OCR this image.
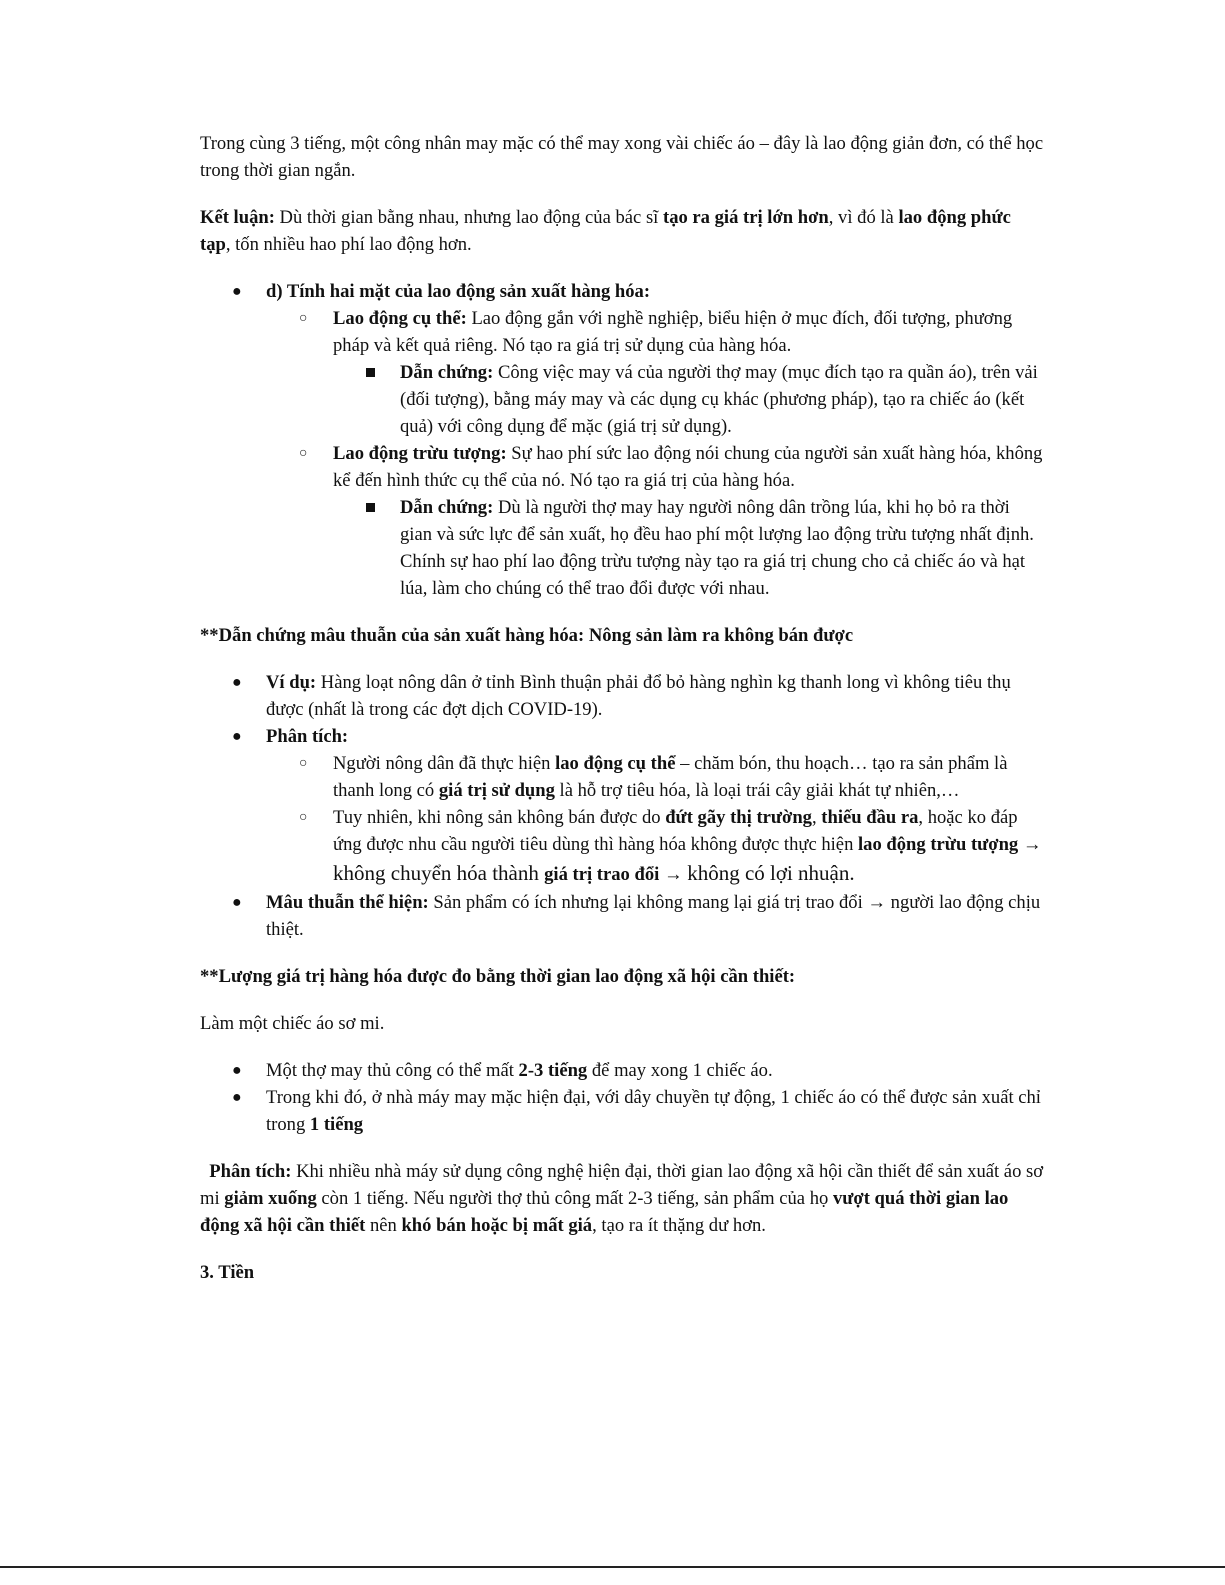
Trong cùng 3 tiếng, một công nhân may mặc có thể may xong vài chiếc áo – đây là lao động giản đơn, có thể học trong thời gian ngắn.

Kết luận: Dù thời gian bằng nhau, nhưng lao động của bác sĩ tạo ra giá trị lớn hơn, vì đó là lao động phức tạp, tốn nhiều hao phí lao động hơn.

● d) Tính hai mặt của lao động sản xuất hàng hóa:
○ Lao động cụ thể: Lao động gắn với nghề nghiệp, biểu hiện ở mục đích, đối tượng, phương pháp và kết quả riêng. Nó tạo ra giá trị sử dụng của hàng hóa.
Dẫn chứng: Công việc may vá của người thợ may (mục đích tạo ra quần áo), trên vải (đối tượng), bằng máy may và các dụng cụ khác (phương pháp), tạo ra chiếc áo (kết quả) với công dụng để mặc (giá trị sử dụng).
○ Lao động trừu tượng: Sự hao phí sức lao động nói chung của người sản xuất hàng hóa, không kể đến hình thức cụ thể của nó. Nó tạo ra giá trị của hàng hóa.
Dẫn chứng: Dù là người thợ may hay người nông dân trồng lúa, khi họ bỏ ra thời gian và sức lực để sản xuất, họ đều hao phí một lượng lao động trừu tượng nhất định. Chính sự hao phí lao động trừu tượng này tạo ra giá trị chung cho cả chiếc áo và hạt lúa, làm cho chúng có thể trao đổi được với nhau.

**Dẫn chứng mâu thuẫn của sản xuất hàng hóa: Nông sản làm ra không bán được

● Ví dụ: Hàng loạt nông dân ở tỉnh Bình thuận phải đổ bỏ hàng nghìn kg thanh long vì không tiêu thụ được (nhất là trong các đợt dịch COVID-19).
● Phân tích:
○ Người nông dân đã thực hiện lao động cụ thể – chăm bón, thu hoạch… tạo ra sản phẩm là thanh long có giá trị sử dụng là hỗ trợ tiêu hóa, là loại trái cây giải khát tự nhiên,…
○ Tuy nhiên, khi nông sản không bán được do đứt gãy thị trường, thiếu đầu ra, hoặc ko đáp ứng được nhu cầu người tiêu dùng thì hàng hóa không được thực hiện lao động trừu tượng → không chuyển hóa thành giá trị trao đổi → không có lợi nhuận.
● Mâu thuẫn thể hiện: Sản phẩm có ích nhưng lại không mang lại giá trị trao đổi → người lao động chịu thiệt.

**Lượng giá trị hàng hóa được đo bằng thời gian lao động xã hội cần thiết:

Làm một chiếc áo sơ mi.

● Một thợ may thủ công có thể mất 2-3 tiếng để may xong 1 chiếc áo.
● Trong khi đó, ở nhà máy may mặc hiện đại, với dây chuyền tự động, 1 chiếc áo có thể được sản xuất chỉ trong 1 tiếng

Phân tích: Khi nhiều nhà máy sử dụng công nghệ hiện đại, thời gian lao động xã hội cần thiết để sản xuất áo sơ mi giảm xuống còn 1 tiếng. Nếu người thợ thủ công mất 2-3 tiếng, sản phẩm của họ vượt quá thời gian lao động xã hội cần thiết nên khó bán hoặc bị mất giá, tạo ra ít thặng dư hơn.

3. Tiền
